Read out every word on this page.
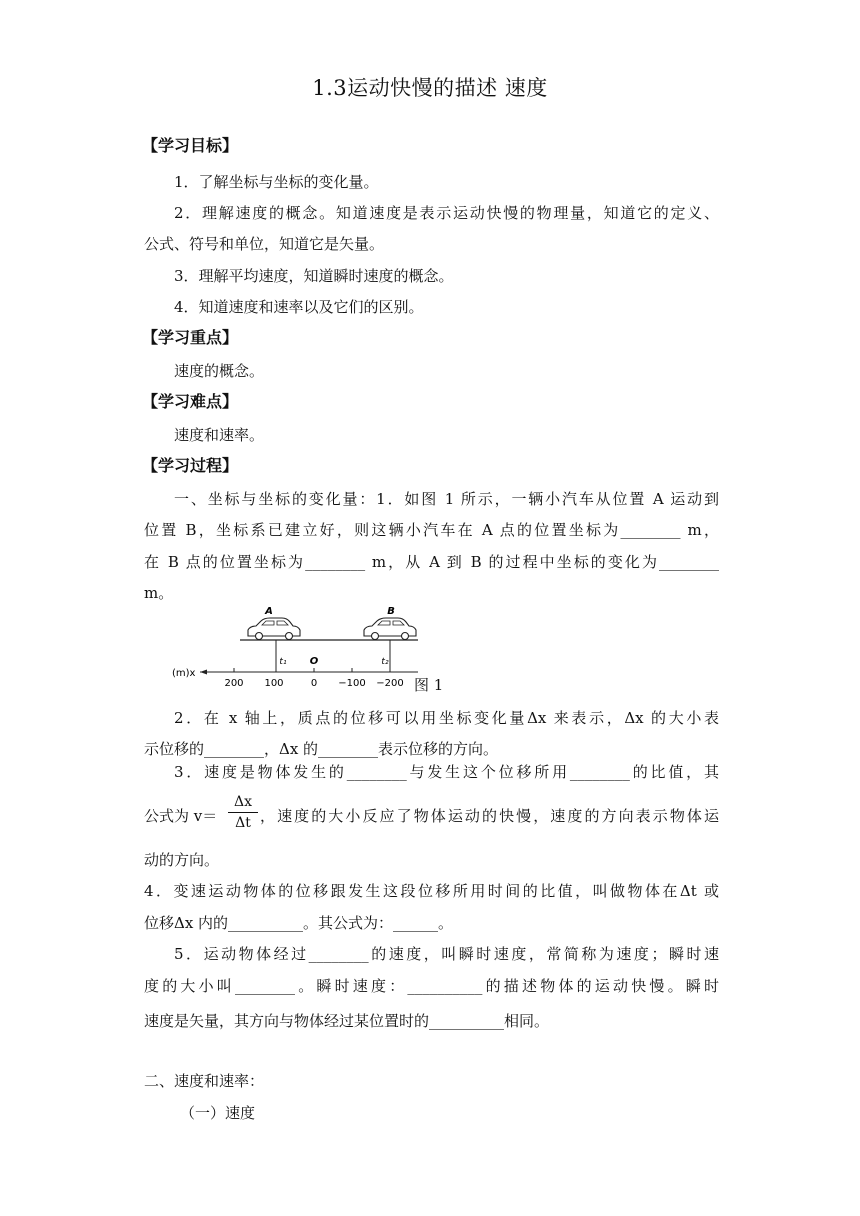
1.3运动快慢的描述 速度
【学习目标】
1．了解坐标与坐标的变化量。
2．理解速度的概念。知道速度是表示运动快慢的物理量，知道它的定义、
公式、符号和单位，知道它是矢量。
3．理解平均速度，知道瞬时速度的概念。
4．知道速度和速率以及它们的区别。
【学习重点】
速度的概念。
【学习难点】
速度和速率。
【学习过程】
一、坐标与坐标的变化量：1．如图 1 所示，一辆小汽车从位置 A 运动到
位置 B，坐标系已建立好，则这辆小汽车在 A 点的位置坐标为________ m，
在 B 点的位置坐标为________ m，从 A 到 B 的过程中坐标的变化为________
m。
A	B
(m)x
t₁ O	t₂
200 100	0 −100 −200 图 1
2．在 x 轴上，质点的位移可以用坐标变化量Δx 来表示，Δx 的大小表
示位移的________，Δx 的________表示位移的方向。
3．速度是物体发生的________与发生这个位移所用________的比值，其
公式为 v＝
Δx
Δt ，速度的大小反应了物体运动的快慢，速度的方向表示物体运
动的方向。
4．变速运动物体的位移跟发生这段位移所用时间的比值，叫做物体在Δt 或
位移Δx 内的__________。其公式为：______。
5．运动物体经过________的速度，叫瞬时速度，常简称为速度；瞬时速
度的大小叫________。瞬时速度：__________的描述物体的运动快慢。瞬时
速度是矢量，其方向与物体经过某位置时的__________相同。
二、速度和速率：
（一）速度
